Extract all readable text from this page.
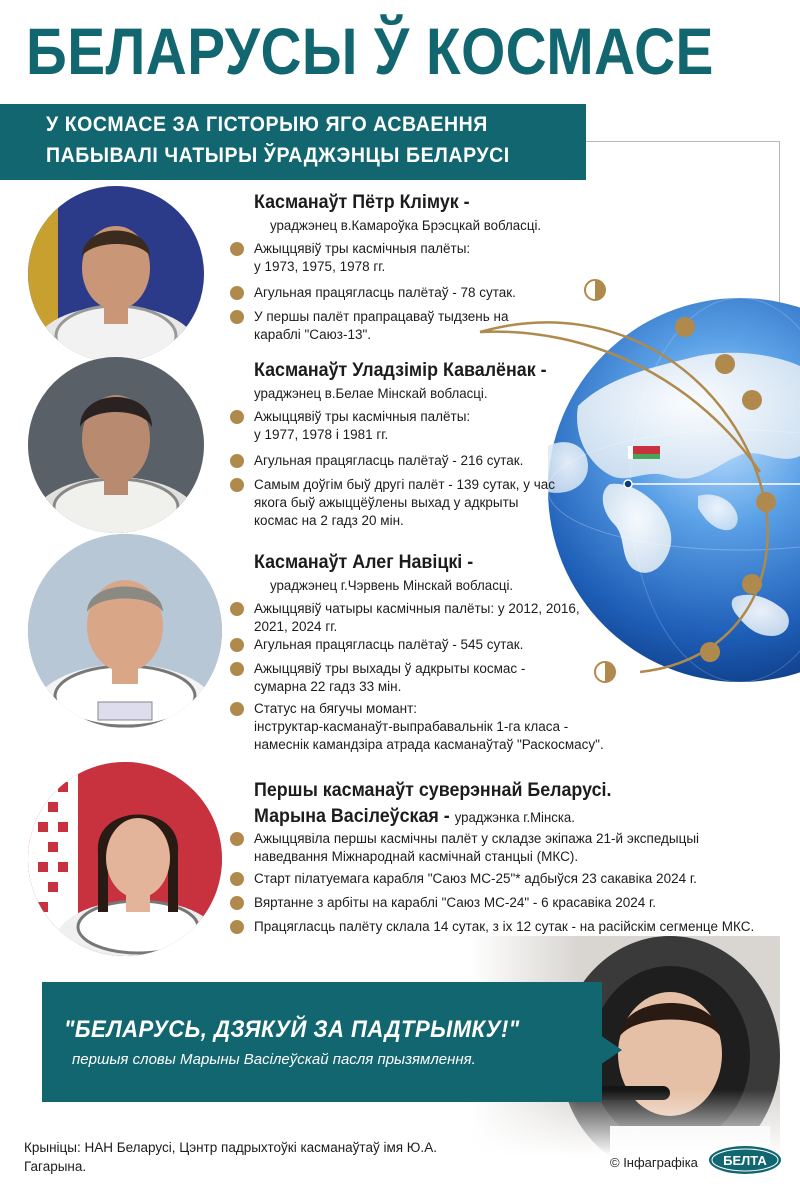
БЕЛАРУСЫ Ў КОСМАСЕ
У КОСМАСЕ ЗА ГІСТОРЫЮ ЯГО АСВАЕННЯ
ПАБЫВАЛІ ЧАТЫРЫ ЎРАДЖЭНЦЫ БЕЛАРУСІ
Касманаўт Пётр Клімук -
ураджэнец в.Камароўка Брэсцкай вобласці.
Ажыццявіў тры касмічныя палёты:
у 1973, 1975, 1978 гг.
Агульная працягласць палётаў - 78 сутак.
У першы палёт прапрацаваў тыдзень на
караблі "Саюз-13".
Касманаўт Уладзімір Кавалёнак -
ураджэнец в.Белае Мінскай вобласці.
Ажыццявіў тры касмічныя палёты:
у 1977, 1978 і 1981 гг.
Агульная працягласць палётаў - 216 сутак.
Самым доўгім быў другі палёт - 139 сутак, у час
якога быў ажыццёўлены выхад у адкрыты
космас на 2 гадз 20 мін.
Касманаўт Алег Навіцкі -
ураджэнец г.Чэрвень Мінскай вобласці.
Ажыццявіў чатыры касмічныя палёты: у 2012, 2016,
2021, 2024 гг.
Агульная працягласць палётаў - 545 сутак.
Ажыццявіў тры выхады ў адкрыты космас -
сумарна 22 гадз 33 мін.
Статус на бягучы момант:
інструктар-касманаўт-выпрабавальнік 1-га класа -
намеснік камандзіра атрада касманаўтаў "Раскосмасу".
Першы касманаўт суверэннай Беларусі.
Марына Васілеўская - ураджэнка г.Мінска.
Ажыццявіла першы касмічны палёт у складзе экіпажа 21-й экспедыцыі
наведвання Міжнароднай касмічнай станцыі (МКС).
Старт пілатуемага карабля "Саюз МС-25"* адбыўся 23 сакавіка 2024 г.
Вяртанне з арбіты на караблі "Саюз МС-24" - 6 красавіка 2024 г.
Працягласць палёту склала 14 сутак, з іх 12 сутак - на расійскім сегменце МКС.
"БЕЛАРУСЬ, ДЗЯКУЙ ЗА ПАДТРЫМКУ!"
першыя словы Марыны Васілеўскай пасля прызямлення.
Крыніцы: НАН Беларусі, Цэнтр падрыхтоўкі касманаўтаў імя Ю.А. Гагарына.	© Інфаграфіка БЕЛТА
